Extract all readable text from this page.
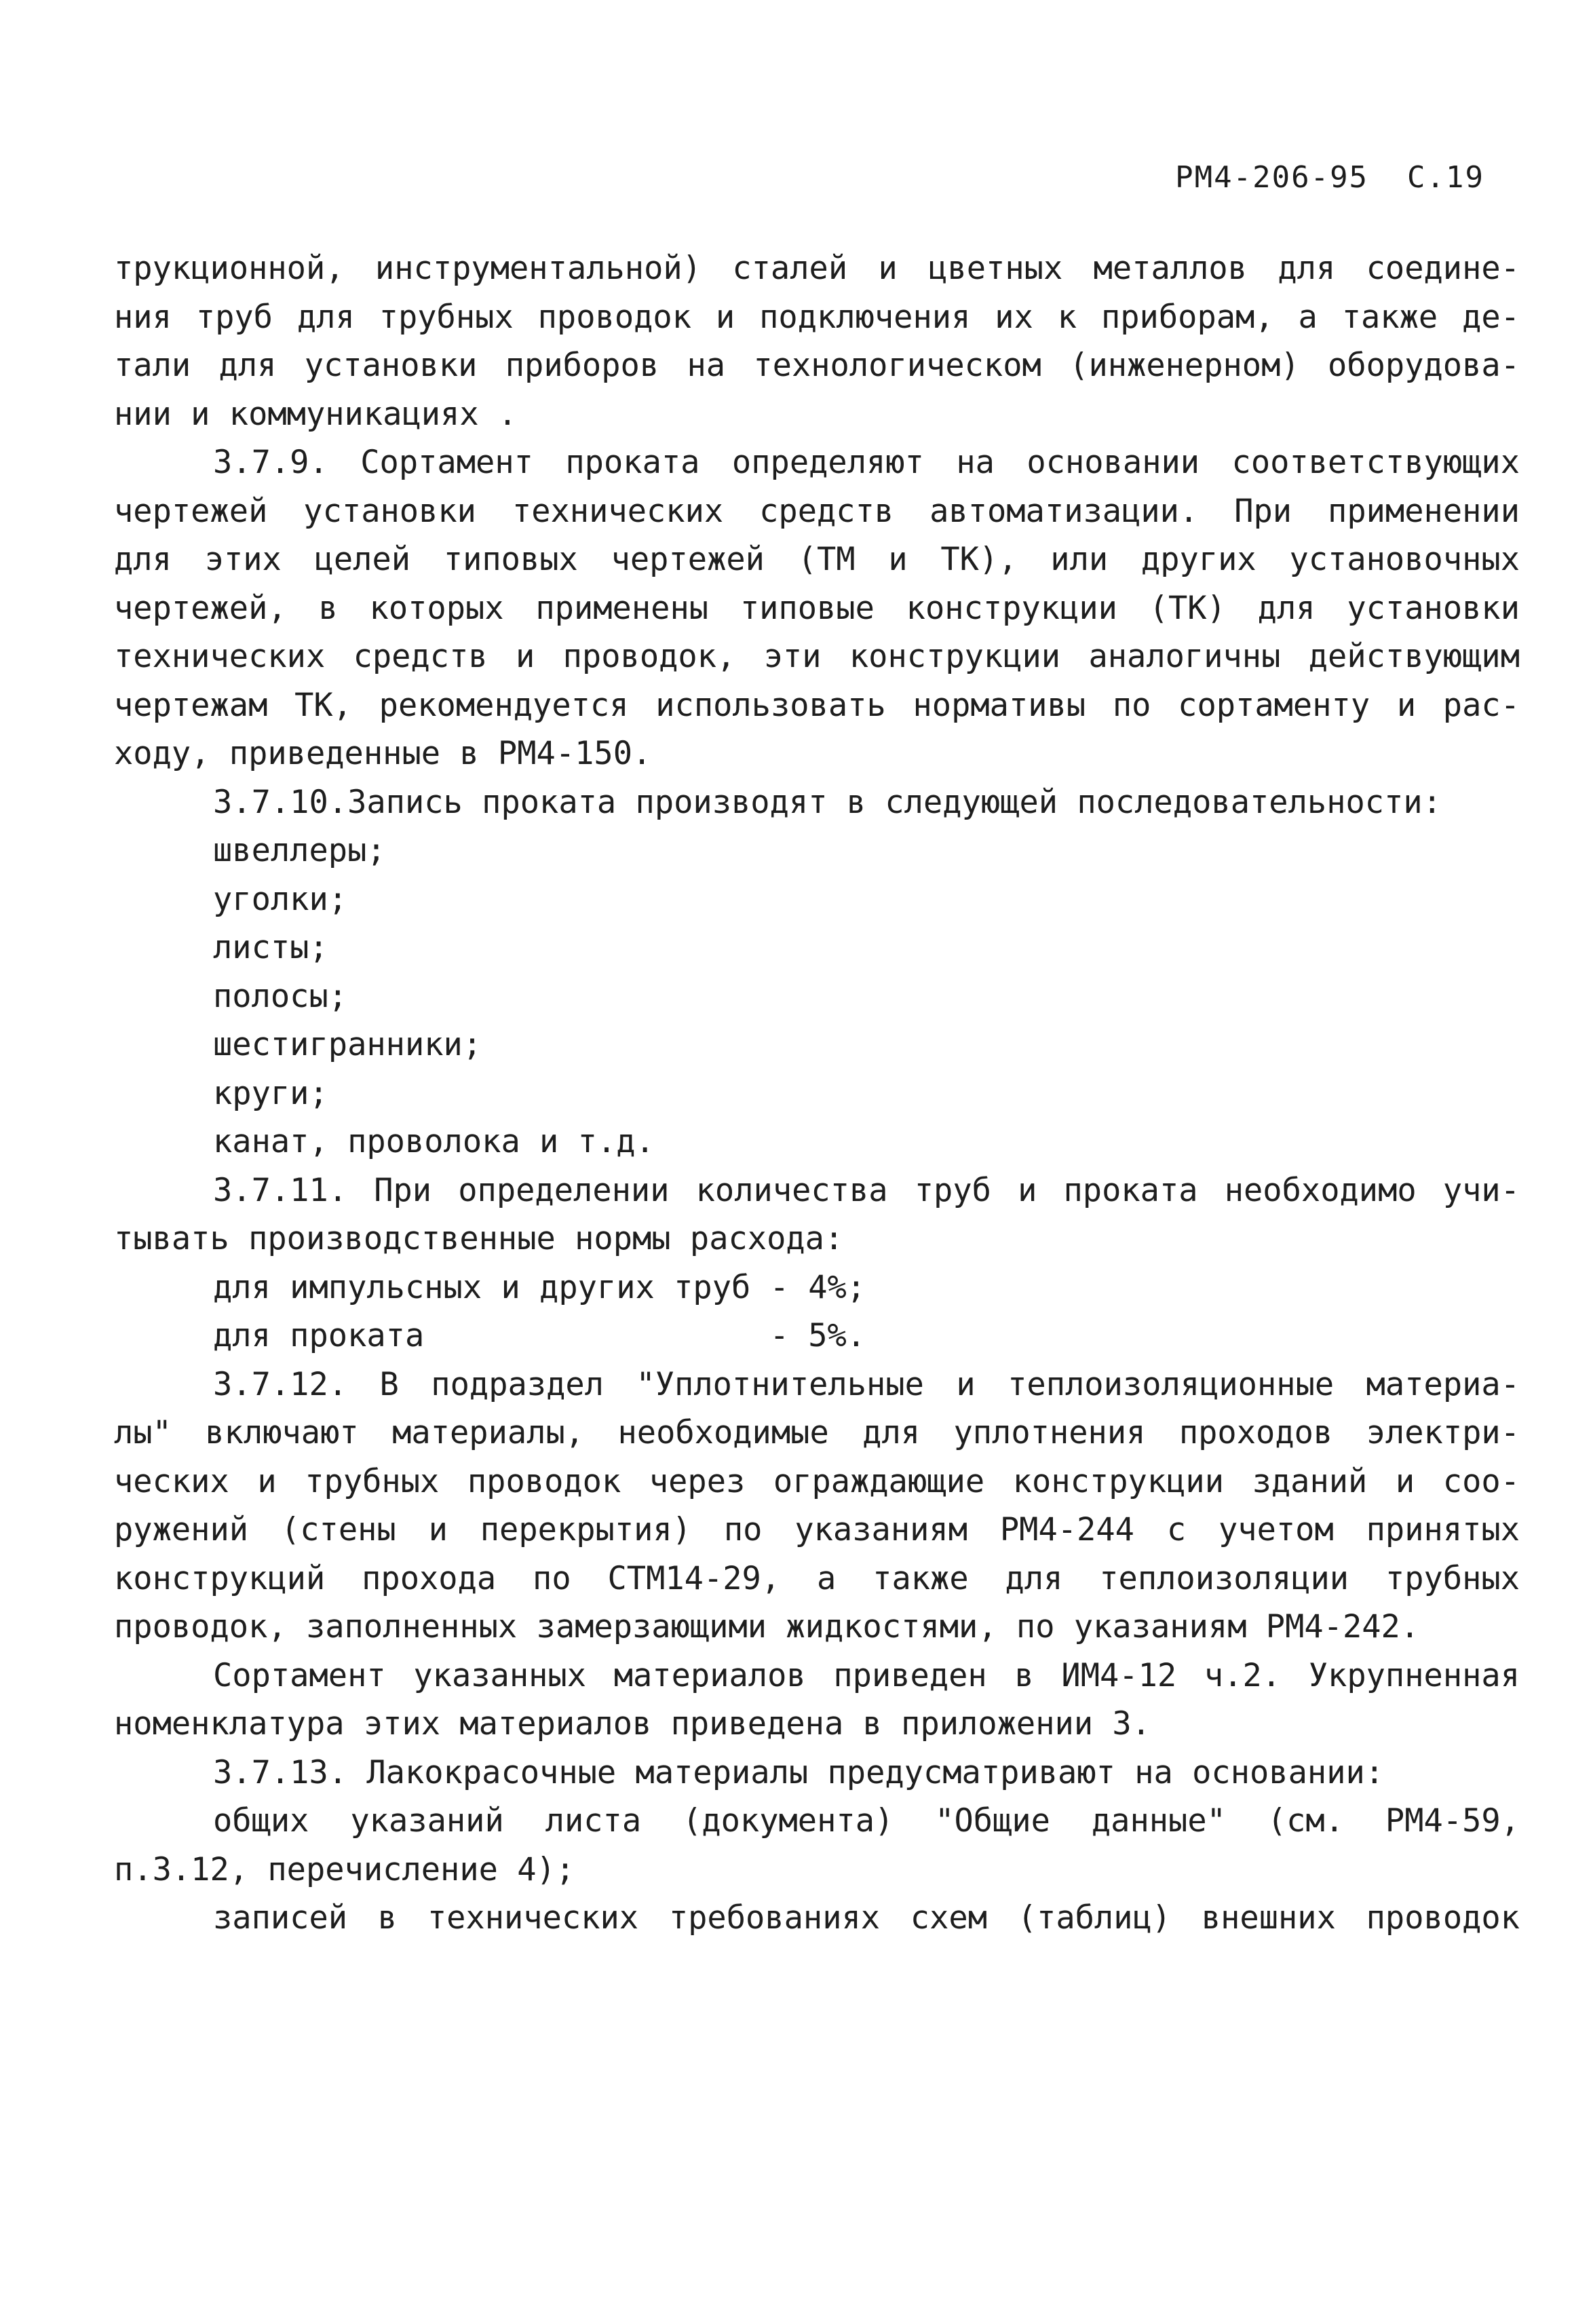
РМ4-206-95 С.19
трукционной, инструментальной) сталей и цветных металлов для соедине-
ния труб для трубных проводок и подключения их к приборам, а также де-
тали для установки приборов на технологическом (инженерном) оборудова-
нии и коммуникациях .
3.7.9. Сортамент проката определяют на основании соответствующих
чертежей установки технических средств автоматизации. При применении
для этих целей типовых чертежей (ТМ и ТК), или других установочных
чертежей, в которых применены типовые конструкции (ТК) для установки
технических средств и проводок, эти конструкции аналогичны действующим
чертежам ТК, рекомендуется использовать нормативы по сортаменту и рас-
ходу, приведенные в РМ4-150.
3.7.10.Запись проката производят в следующей последовательности:
швеллеры;
уголки;
листы;
полосы;
шестигранники;
круги;
канат, проволока и т.д.
3.7.11. При определении количества труб и проката необходимо учи-
тывать производственные нормы расхода:
для импульсных и других труб - 4%;
для проката                  - 5%.
3.7.12. В подраздел "Уплотнительные и теплоизоляционные материа-
лы" включают материалы, необходимые для уплотнения проходов электри-
ческих и трубных проводок через ограждающие конструкции зданий и соо-
ружений (стены и перекрытия) по указаниям РМ4-244 с учетом принятых
конструкций прохода по СТМ14-29, а также для теплоизоляции трубных
проводок, заполненных замерзающими жидкостями, по указаниям РМ4-242.
Сортамент указанных материалов приведен в ИМ4-12 ч.2. Укрупненная
номенклатура этих материалов приведена в приложении 3.
3.7.13. Лакокрасочные материалы предусматривают на основании:
общих указаний листа (документа) "Общие данные" (см. РМ4-59,
п.3.12, перечисление 4);
записей в технических требованиях схем (таблиц) внешних проводок
